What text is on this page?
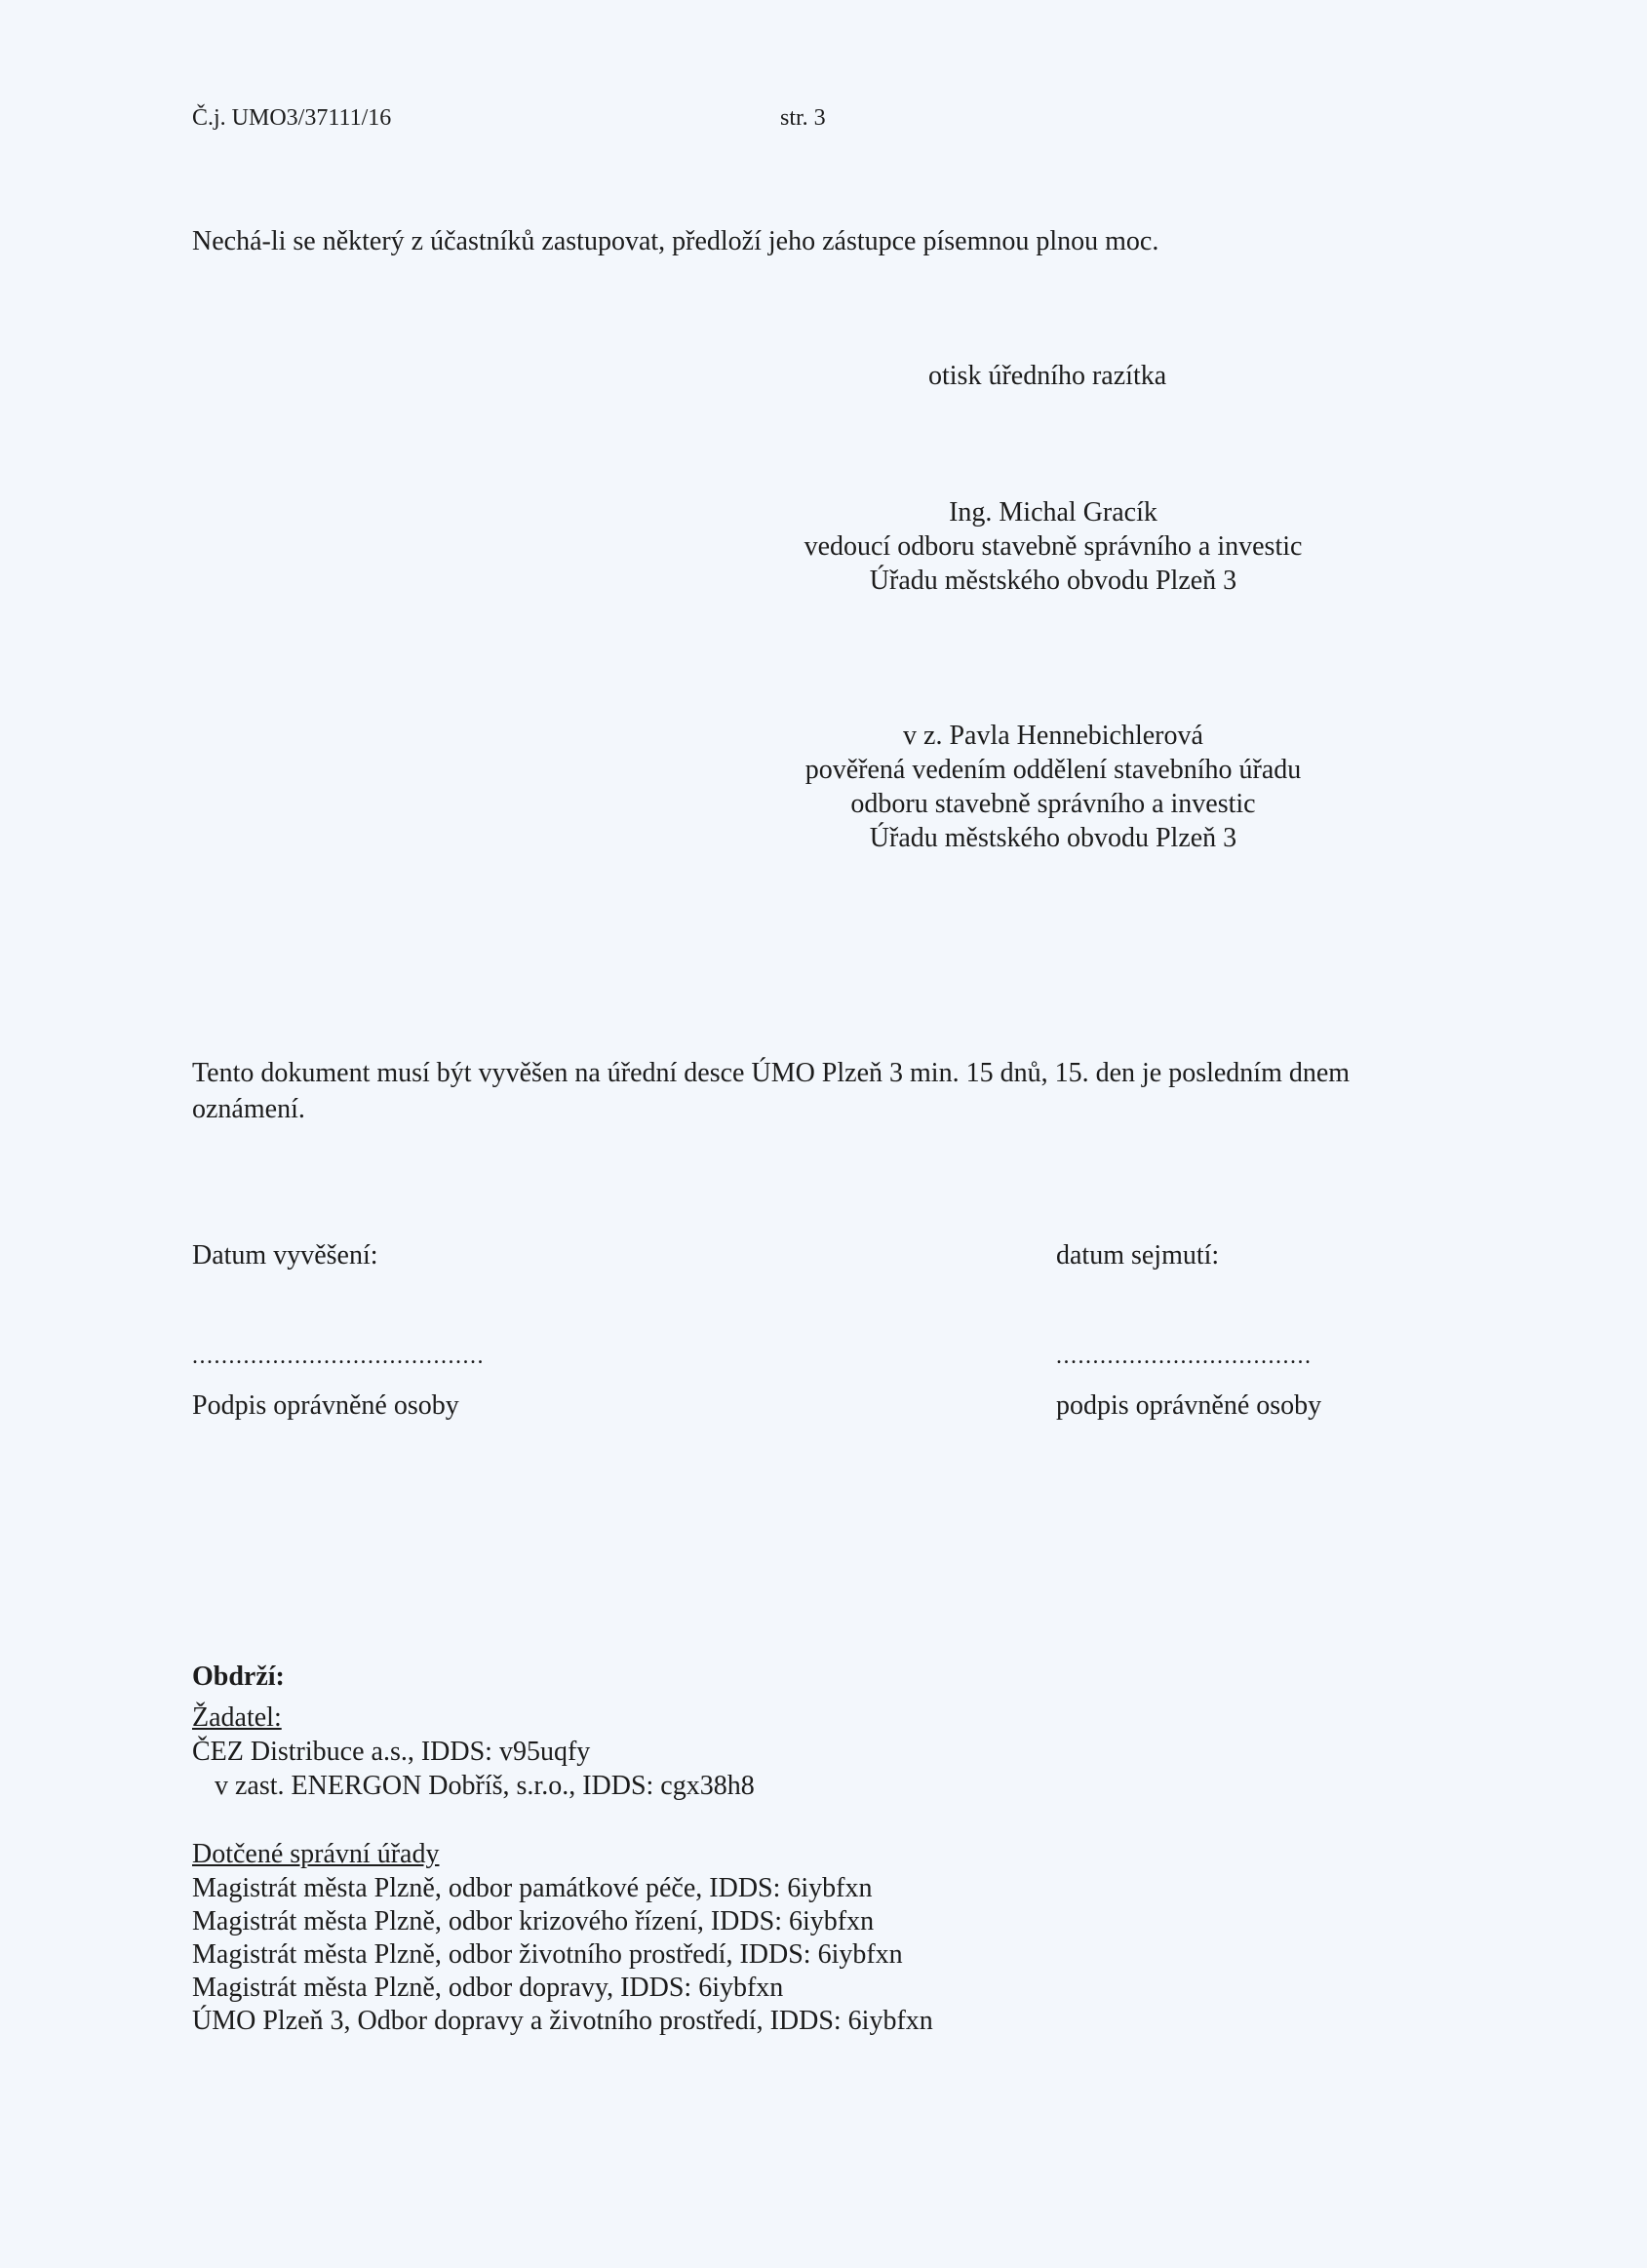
Č.j. UMO3/37111/16	str. 3
Nechá-li se některý z účastníků zastupovat, předloží jeho zástupce písemnou plnou moc.
otisk úředního razítka
Ing. Michal Gracík
vedoucí odboru stavebně správního a investic
Úřadu městského obvodu Plzeň 3
v z. Pavla Hennebichlerová
pověřená vedením oddělení stavebního úřadu
odboru stavebně správního a investic
Úřadu městského obvodu Plzeň 3
Tento dokument musí být vyvěšen na úřední desce ÚMO Plzeň 3 min. 15 dnů, 15. den je posledním dnem
oznámení.
Datum vyvěšení:	datum sejmutí:
........................................	...................................
Podpis oprávněné osoby	podpis oprávněné osoby
Obdrží:
Žadatel:
ČEZ Distribuce a.s., IDDS: v95uqfy
v zast. ENERGON Dobříš, s.r.o., IDDS: cgx38h8
Dotčené správní úřady
Magistrát města Plzně, odbor památkové péče, IDDS: 6iybfxn
Magistrát města Plzně, odbor krizového řízení, IDDS: 6iybfxn
Magistrát města Plzně, odbor životního prostředí, IDDS: 6iybfxn
Magistrát města Plzně, odbor dopravy, IDDS: 6iybfxn
ÚMO Plzeň 3, Odbor dopravy a životního prostředí, IDDS: 6iybfxn
